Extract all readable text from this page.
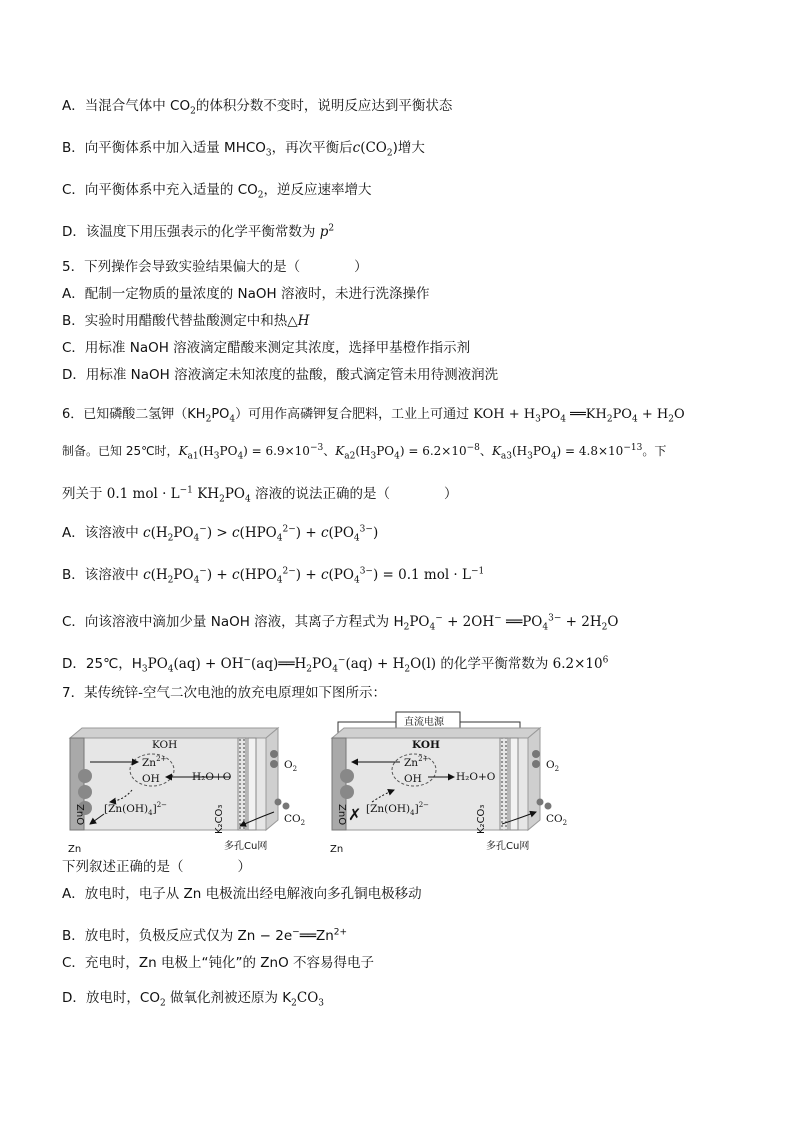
A．当混合气体中 $CO_2$的体积分数不变时，说明反应达到平衡状态
B．向平衡体系中加入适量 $MHCO_3$，再次平衡后$c(CO_2)$增大
C．向平衡体系中充入适量的 $CO_2$，逆反应速率增大
D．该温度下用压强表示的化学平衡常数为 $p^2$
5．下列操作会导致实验结果偏大的是（　　　　）
A．配制一定物质的量浓度的 NaOH 溶液时，未进行洗涤操作
B．实验时用醋酸代替盐酸测定中和热△H
C．用标准 NaOH 溶液滴定醋酸来测定其浓度，选择甲基橙作指示剂
D．用标准 NaOH 溶液滴定未知浓度的盐酸，酸式滴定管未用待测液润洗
6．已知磷酸二氢钾$(KH_2PO_4)$可用作高磷钾复合肥料，工业上可通过 KOH + $H_3PO_4$ $══KH_2PO_4 + H_2O$
制备。已知 25℃时，$K_{a1}(H_3PO_4) = 6.9\times 10^{-3}$、$K_{a2}(H_3PO_4) = 6.2\times 10^{-8}$、$K_{a3}(H_3PO_4) = 4.8\times 10^{-13}$。下
列关于 0.1 mol · $L^{-1}$ $KH_2PO_4$ 溶液的说法正确的是（　　　　）
A．该溶液中 $c(H_2PO_4^-) > c(HPO_4^{2-}) + c(PO_4^{3-})$
B．该溶液中 $c(H_2PO_4^-) + c(HPO_4^{2-}) + c(PO_4^{3-}) = 0.1$ mol · $L^{-1}$
C．向该溶液中滴加少量 NaOH 溶液，其离子方程式为 $H_2PO_4^- + 2OH^-$ $══PO_4^{3-} + 2H_2O$
D．25℃，$H_3PO_4(aq)$ + $OH^-(aq)══H_2PO_4^-(aq) + H_2O(l)$ 的化学平衡常数为 $6.2\times 10^6$
7．某传统锌-空气二次电池的放充电原理如下图所示：
ZnO
KOH
$Zn^{2+}$
OH	H₂O+O
$[Zn(OH)_4]^{2-}$	K₂CO₃
$O_2$
$CO_2$
Zn	多孔Cu网
直流电源
ZnO ✗
KOH
$Zn^{2+}$
OH	H₂O+O
$[Zn(OH)_4]^{2-}$	K₂CO₃
$O_2$
$CO_2$
Zn	多孔Cu网
下列叙述正确的是（　　　　）
A．放电时，电子从 Zn 电极流出经电解液向多孔铜电极移动
B．放电时，负极反应式仅为 $Zn - 2e^-══Zn^{2+}$
C．充电时，Zn 电极上“钝化”的 ZnO 不容易得电子
D．放电时，$CO_2$ 做氧化剂被还原为 $K_2CO_3$
